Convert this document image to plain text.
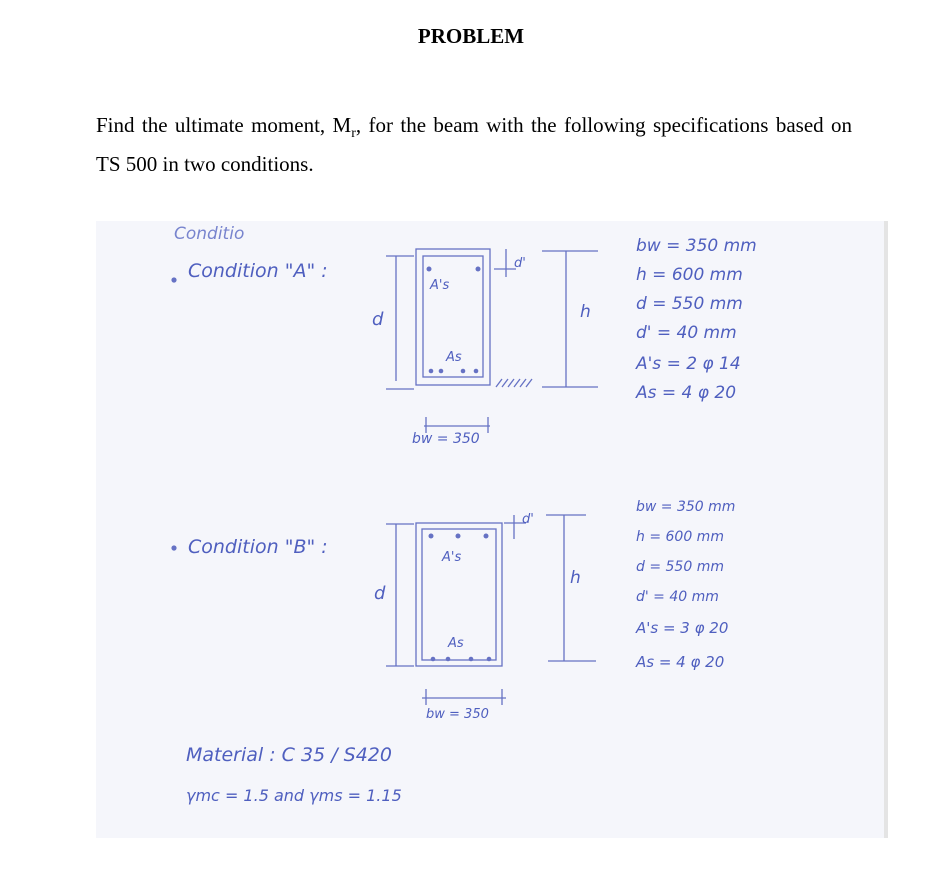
PROBLEM
Find the ultimate moment, $M_r$, for the beam with the following specifications based on TS 500 in two conditions.
Conditio
Condition "A" :
d
d'
h
A's
As
bw = 350
bw = 350 mm
h = 600 mm
d = 550 mm
d' = 40 mm
A's = 2 φ 14
As = 4 φ 20
Condition "B" :
d
d'
h
A's
As
bw = 350
bw = 350 mm
h = 600 mm
d = 550 mm
d' = 40 mm
A's = 3 φ 20
As = 4 φ 20
Material : C 35 / S420
γmc = 1.5 and γms = 1.15
